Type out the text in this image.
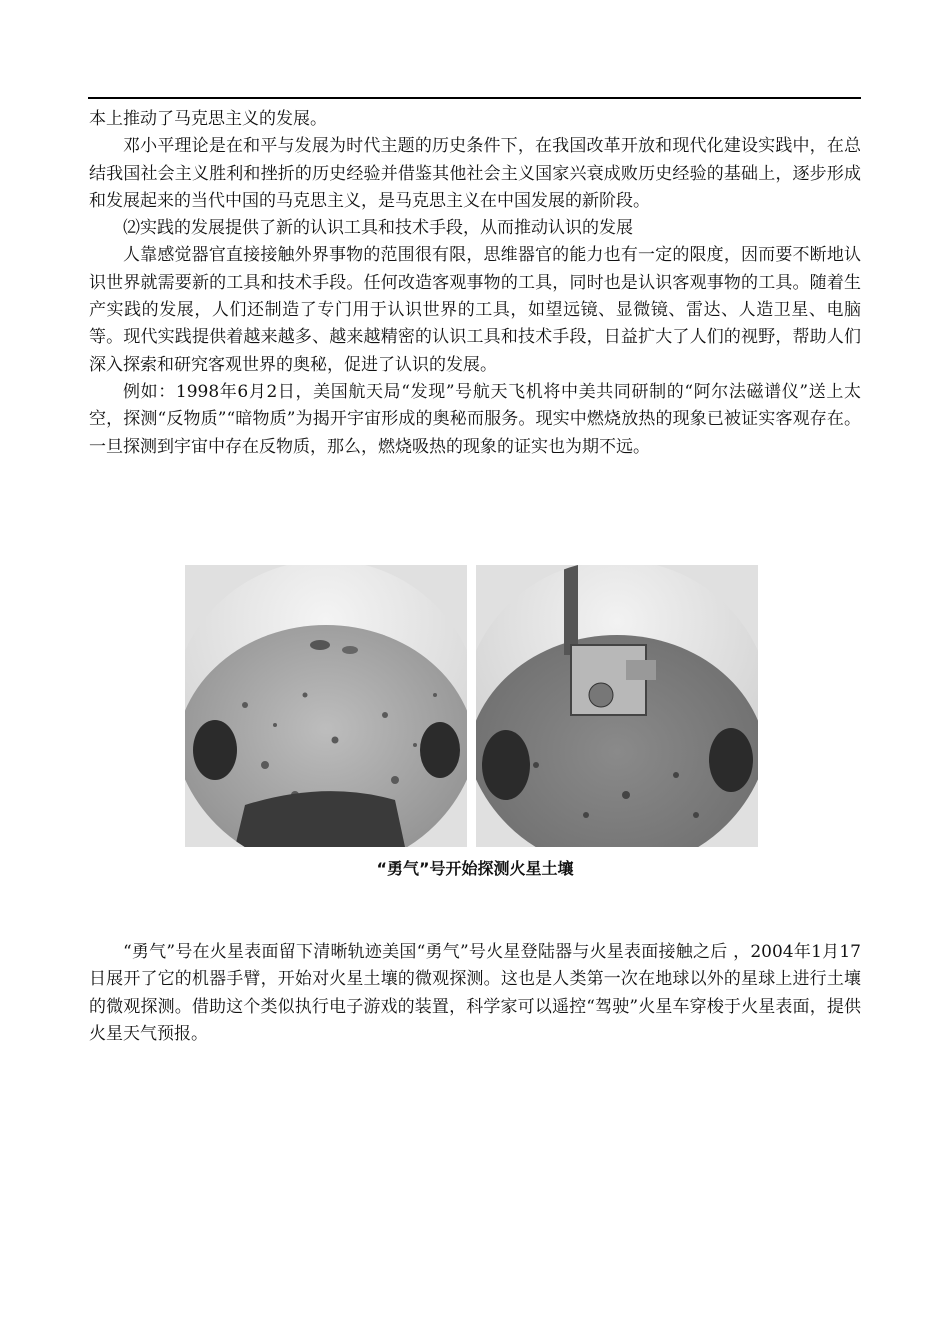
本上推动了马克思主义的发展。

邓小平理论是在和平与发展为时代主题的历史条件下，在我国改革开放和现代化建设实践中，在总结我国社会主义胜利和挫折的历史经验并借鉴其他社会主义国家兴衰成败历史经验的基础上，逐步形成和发展起来的当代中国的马克思主义，是马克思主义在中国发展的新阶段。

⑵实践的发展提供了新的认识工具和技术手段，从而推动认识的发展

人靠感觉器官直接接触外界事物的范围很有限，思维器官的能力也有一定的限度，因而要不断地认识世界就需要新的工具和技术手段。任何改造客观事物的工具，同时也是认识客观事物的工具。随着生产实践的发展，人们还制造了专门用于认识世界的工具，如望远镜、显微镜、雷达、人造卫星、电脑等。现代实践提供着越来越多、越来越精密的认识工具和技术手段，日益扩大了人们的视野，帮助人们深入探索和研究客观世界的奥秘，促进了认识的发展。

例如：1998年6月2日，美国航天局“发现”号航天飞机将中美共同研制的“阿尔法磁谱仪”送上太空，探测“反物质”“暗物质”为揭开宇宙形成的奥秘而服务。现实中燃烧放热的现象已被证实客观存在。一旦探测到宇宙中存在反物质，那么，燃烧吸热的现象的证实也为期不远。

“勇气”号开始探测火星土壤

“勇气”号在火星表面留下清晰轨迹美国“勇气”号火星登陆器与火星表面接触之后 ，2004年1月17日展开了它的机器手臂，开始对火星土壤的微观探测。这也是人类第一次在地球以外的星球上进行土壤的微观探测。借助这个类似执行电子游戏的装置，科学家可以遥控“驾驶”火星车穿梭于火星表面，提供火星天气预报。
